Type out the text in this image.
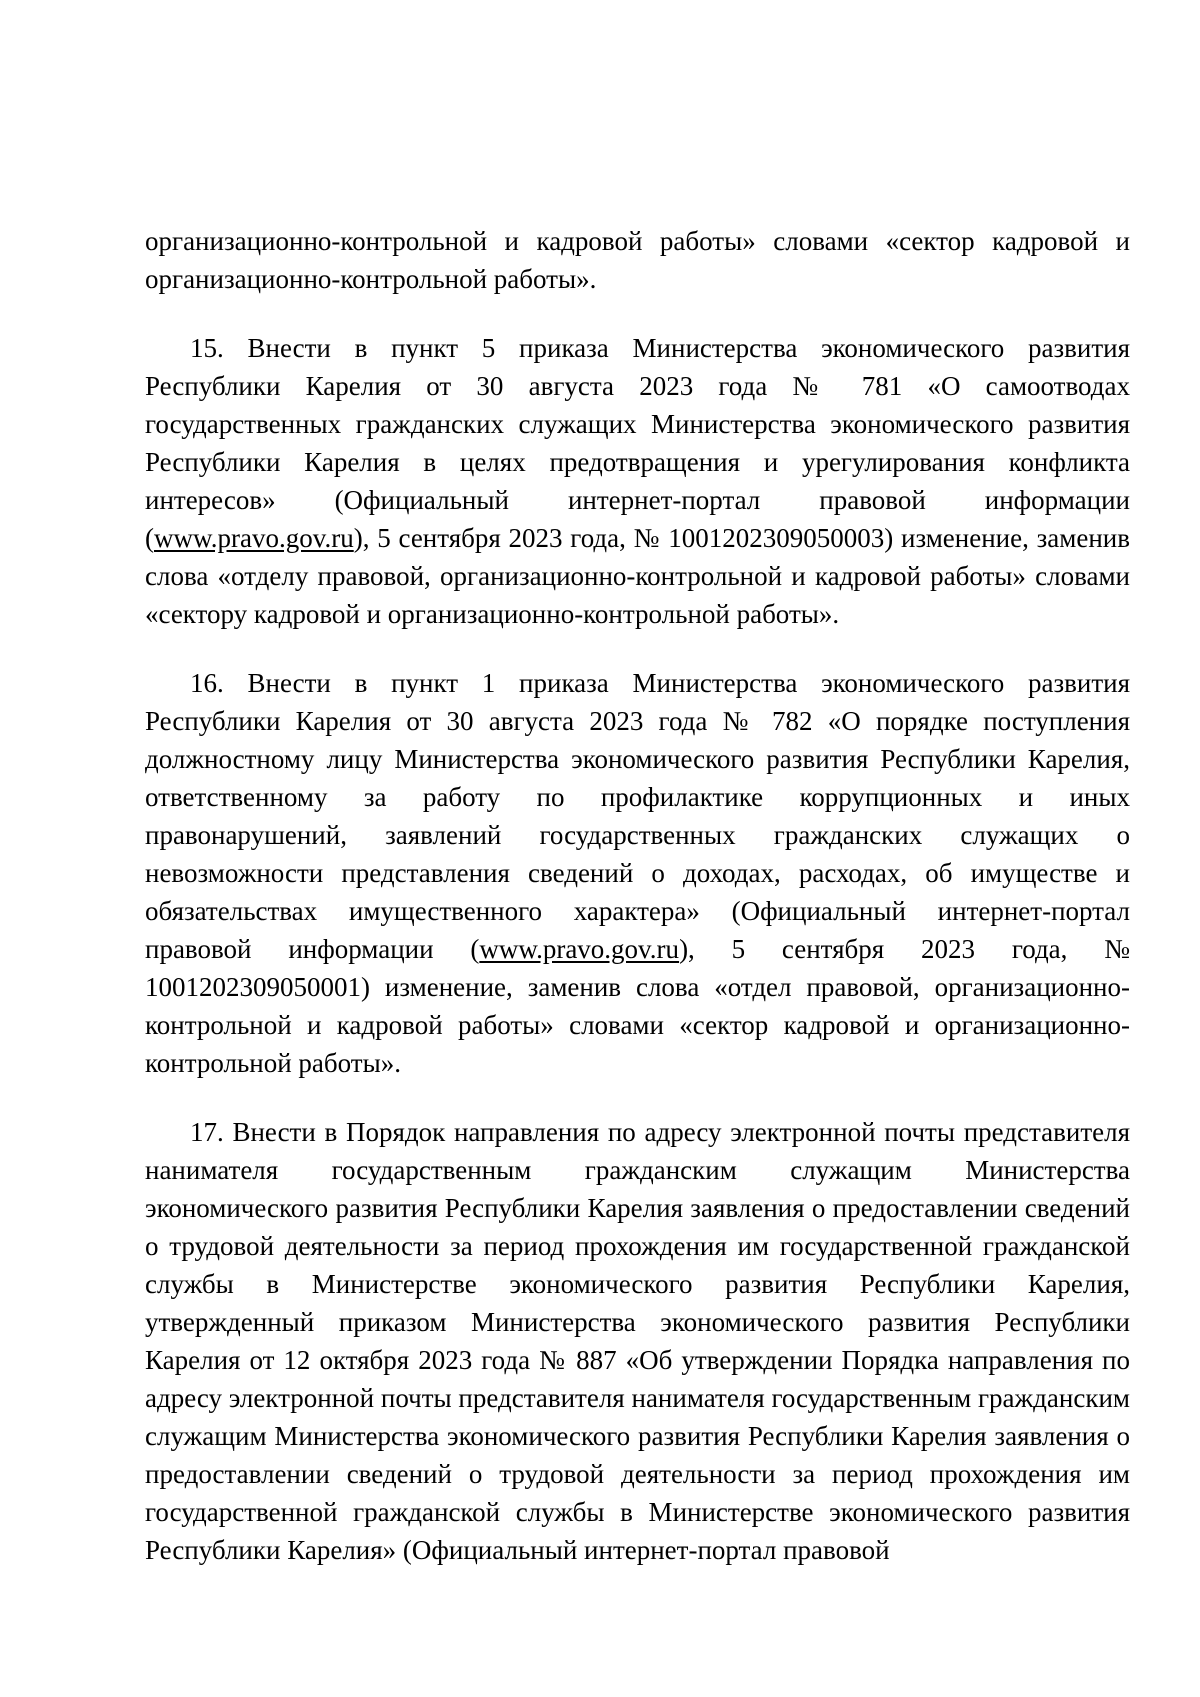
организационно-контрольной и кадровой работы» словами «сектор кадровой и организационно-контрольной работы».

15. Внести в пункт 5 приказа Министерства экономического развития Республики Карелия от 30 августа 2023 года № 781 «О самоотводах государственных гражданских служащих Министерства экономического развития Республики Карелия в целях предотвращения и урегулирования конфликта интересов» (Официальный интернет-портал правовой информации (www.pravo.gov.ru), 5 сентября 2023 года, № 1001202309050003) изменение, заменив слова «отделу правовой, организационно-контрольной и кадровой работы» словами «сектору кадровой и организационно-контрольной работы».

16. Внести в пункт 1 приказа Министерства экономического развития Республики Карелия от 30 августа 2023 года № 782 «О порядке поступления должностному лицу Министерства экономического развития Республики Карелия, ответственному за работу по профилактике коррупционных и иных правонарушений, заявлений государственных гражданских служащих о невозможности представления сведений о доходах, расходах, об имуществе и обязательствах имущественного характера» (Официальный интернет-портал правовой информации (www.pravo.gov.ru), 5 сентября 2023 года, № 1001202309050001) изменение, заменив слова «отдел правовой, организационно-контрольной и кадровой работы» словами «сектор кадровой и организационно-контрольной работы».

17. Внести в Порядок направления по адресу электронной почты представителя нанимателя государственным гражданским служащим Министерства экономического развития Республики Карелия заявления о предоставлении сведений о трудовой деятельности за период прохождения им государственной гражданской службы в Министерстве экономического развития Республики Карелия, утвержденный приказом Министерства экономического развития Республики Карелия от 12 октября 2023 года № 887 «Об утверждении Порядка направления по адресу электронной почты представителя нанимателя государственным гражданским служащим Министерства экономического развития Республики Карелия заявления о предоставлении сведений о трудовой деятельности за период прохождения им государственной гражданской службы в Министерстве экономического развития Республики Карелия» (Официальный интернет-портал правовой
